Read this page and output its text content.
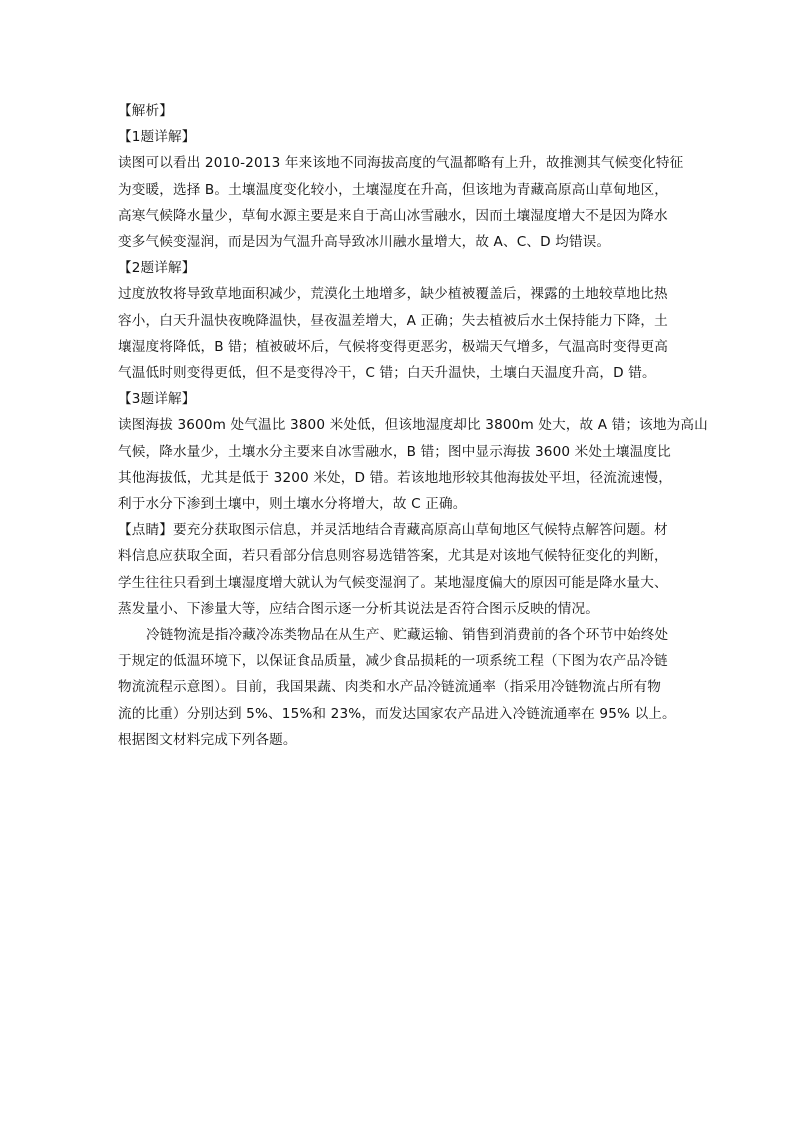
【解析】
【1题详解】
读图可以看出 2010-2013 年来该地不同海拔高度的气温都略有上升，故推测其气候变化特征
为变暖，选择 B。土壤温度变化较小，土壤湿度在升高，但该地为青藏高原高山草甸地区，
高寒气候降水量少，草甸水源主要是来自于高山冰雪融水，因而土壤湿度增大不是因为降水
变多气候变湿润，而是因为气温升高导致冰川融水量增大，故 A、C、D 均错误。
【2题详解】
过度放牧将导致草地面积减少，荒漠化土地增多，缺少植被覆盖后，裸露的土地较草地比热
容小，白天升温快夜晚降温快，昼夜温差增大，A 正确；失去植被后水土保持能力下降，土
壤湿度将降低，B 错；植被破坏后，气候将变得更恶劣，极端天气增多，气温高时变得更高
气温低时则变得更低，但不是变得冷干，C 错；白天升温快，土壤白天温度升高，D 错。
【3题详解】
读图海拔 3600m 处气温比 3800 米处低，但该地湿度却比 3800m 处大，故 A 错；该地为高山
气候，降水量少，土壤水分主要来自冰雪融水，B 错；图中显示海拔 3600 米处土壤温度比
其他海拔低，尤其是低于 3200 米处，D 错。若该地地形较其他海拔处平坦，径流流速慢，
利于水分下渗到土壤中，则土壤水分将增大，故 C 正确。
【点睛】要充分获取图示信息，并灵活地结合青藏高原高山草甸地区气候特点解答问题。材
料信息应获取全面，若只看部分信息则容易选错答案，尤其是对该地气候特征变化的判断，
学生往往只看到土壤湿度增大就认为气候变湿润了。某地湿度偏大的原因可能是降水量大、
蒸发量小、下渗量大等，应结合图示逐一分析其说法是否符合图示反映的情况。
冷链物流是指冷藏冷冻类物品在从生产、贮藏运输、销售到消费前的各个环节中始终处
于规定的低温环境下，以保证食品质量，减少食品损耗的一项系统工程（下图为农产品冷链
物流流程示意图）。目前，我国果蔬、肉类和水产品冷链流通率（指采用冷链物流占所有物
流的比重）分别达到 5%、15%和 23%，而发达国家农产品进入冷链流通率在 95% 以上。
根据图文材料完成下列各题。
